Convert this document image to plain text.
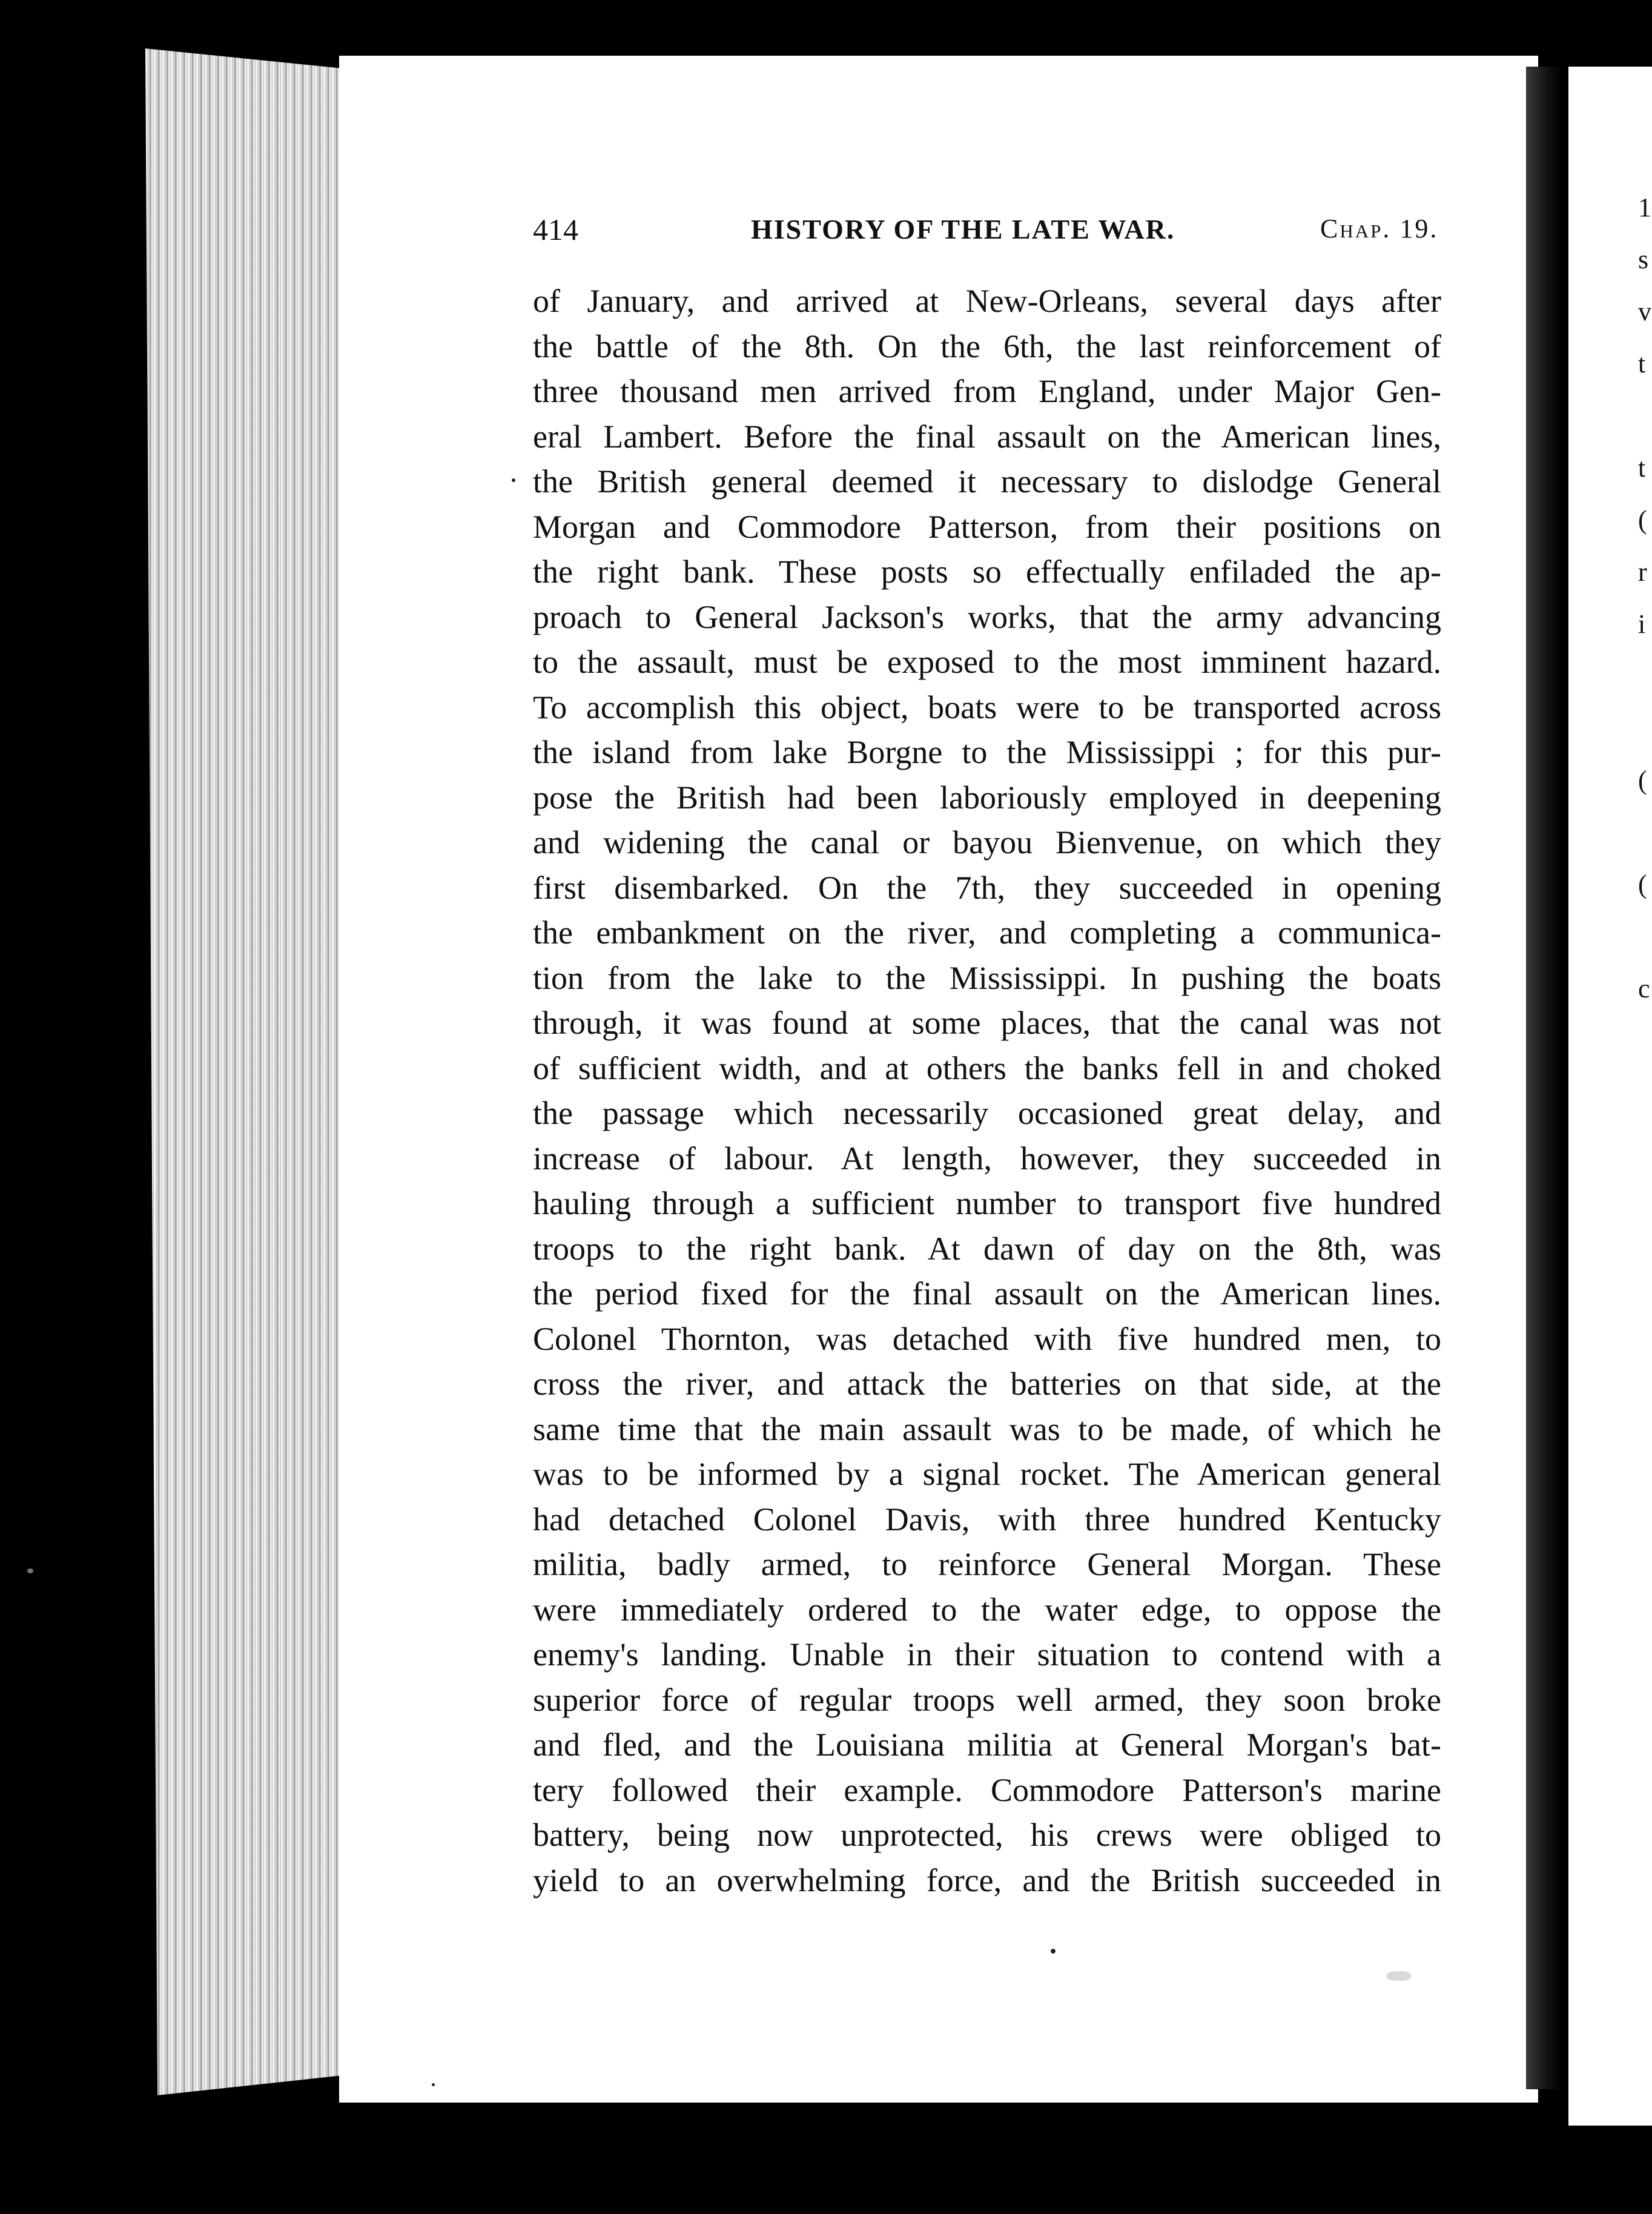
1
s
v
t

t
(
r
i

(

(

c
414	HISTORY OF THE LATE WAR.	Chap. 19.
of January, and arrived at New-Orleans, several days after
the battle of the 8th. On the 6th, the last reinforcement of
three thousand men arrived from England, under Major Gen-
eral Lambert. Before the final assault on the American lines,
the British general deemed it necessary to dislodge General
Morgan and Commodore Patterson, from their positions on
the right bank. These posts so effectually enfiladed the ap-
proach to General Jackson's works, that the army advancing
to the assault, must be exposed to the most imminent hazard.
To accomplish this object, boats were to be transported across
the island from lake Borgne to the Mississippi ; for this pur-
pose the British had been laboriously employed in deepening
and widening the canal or bayou Bienvenue, on which they
first disembarked. On the 7th, they succeeded in opening
the embankment on the river, and completing a communica-
tion from the lake to the Mississippi. In pushing the boats
through, it was found at some places, that the canal was not
of sufficient width, and at others the banks fell in and choked
the passage which necessarily occasioned great delay, and
increase of labour. At length, however, they succeeded in
hauling through a sufficient number to transport five hundred
troops to the right bank. At dawn of day on the 8th, was
the period fixed for the final assault on the American lines.
Colonel Thornton, was detached with five hundred men, to
cross the river, and attack the batteries on that side, at the
same time that the main assault was to be made, of which he
was to be informed by a signal rocket. The American general
had detached Colonel Davis, with three hundred Kentucky
militia, badly armed, to reinforce General Morgan. These
were immediately ordered to the water edge, to oppose the
enemy's landing. Unable in their situation to contend with a
superior force of regular troops well armed, they soon broke
and fled, and the Louisiana militia at General Morgan's bat-
tery followed their example. Commodore Patterson's marine
battery, being now unprotected, his crews were obliged to
yield to an overwhelming force, and the British succeeded in
